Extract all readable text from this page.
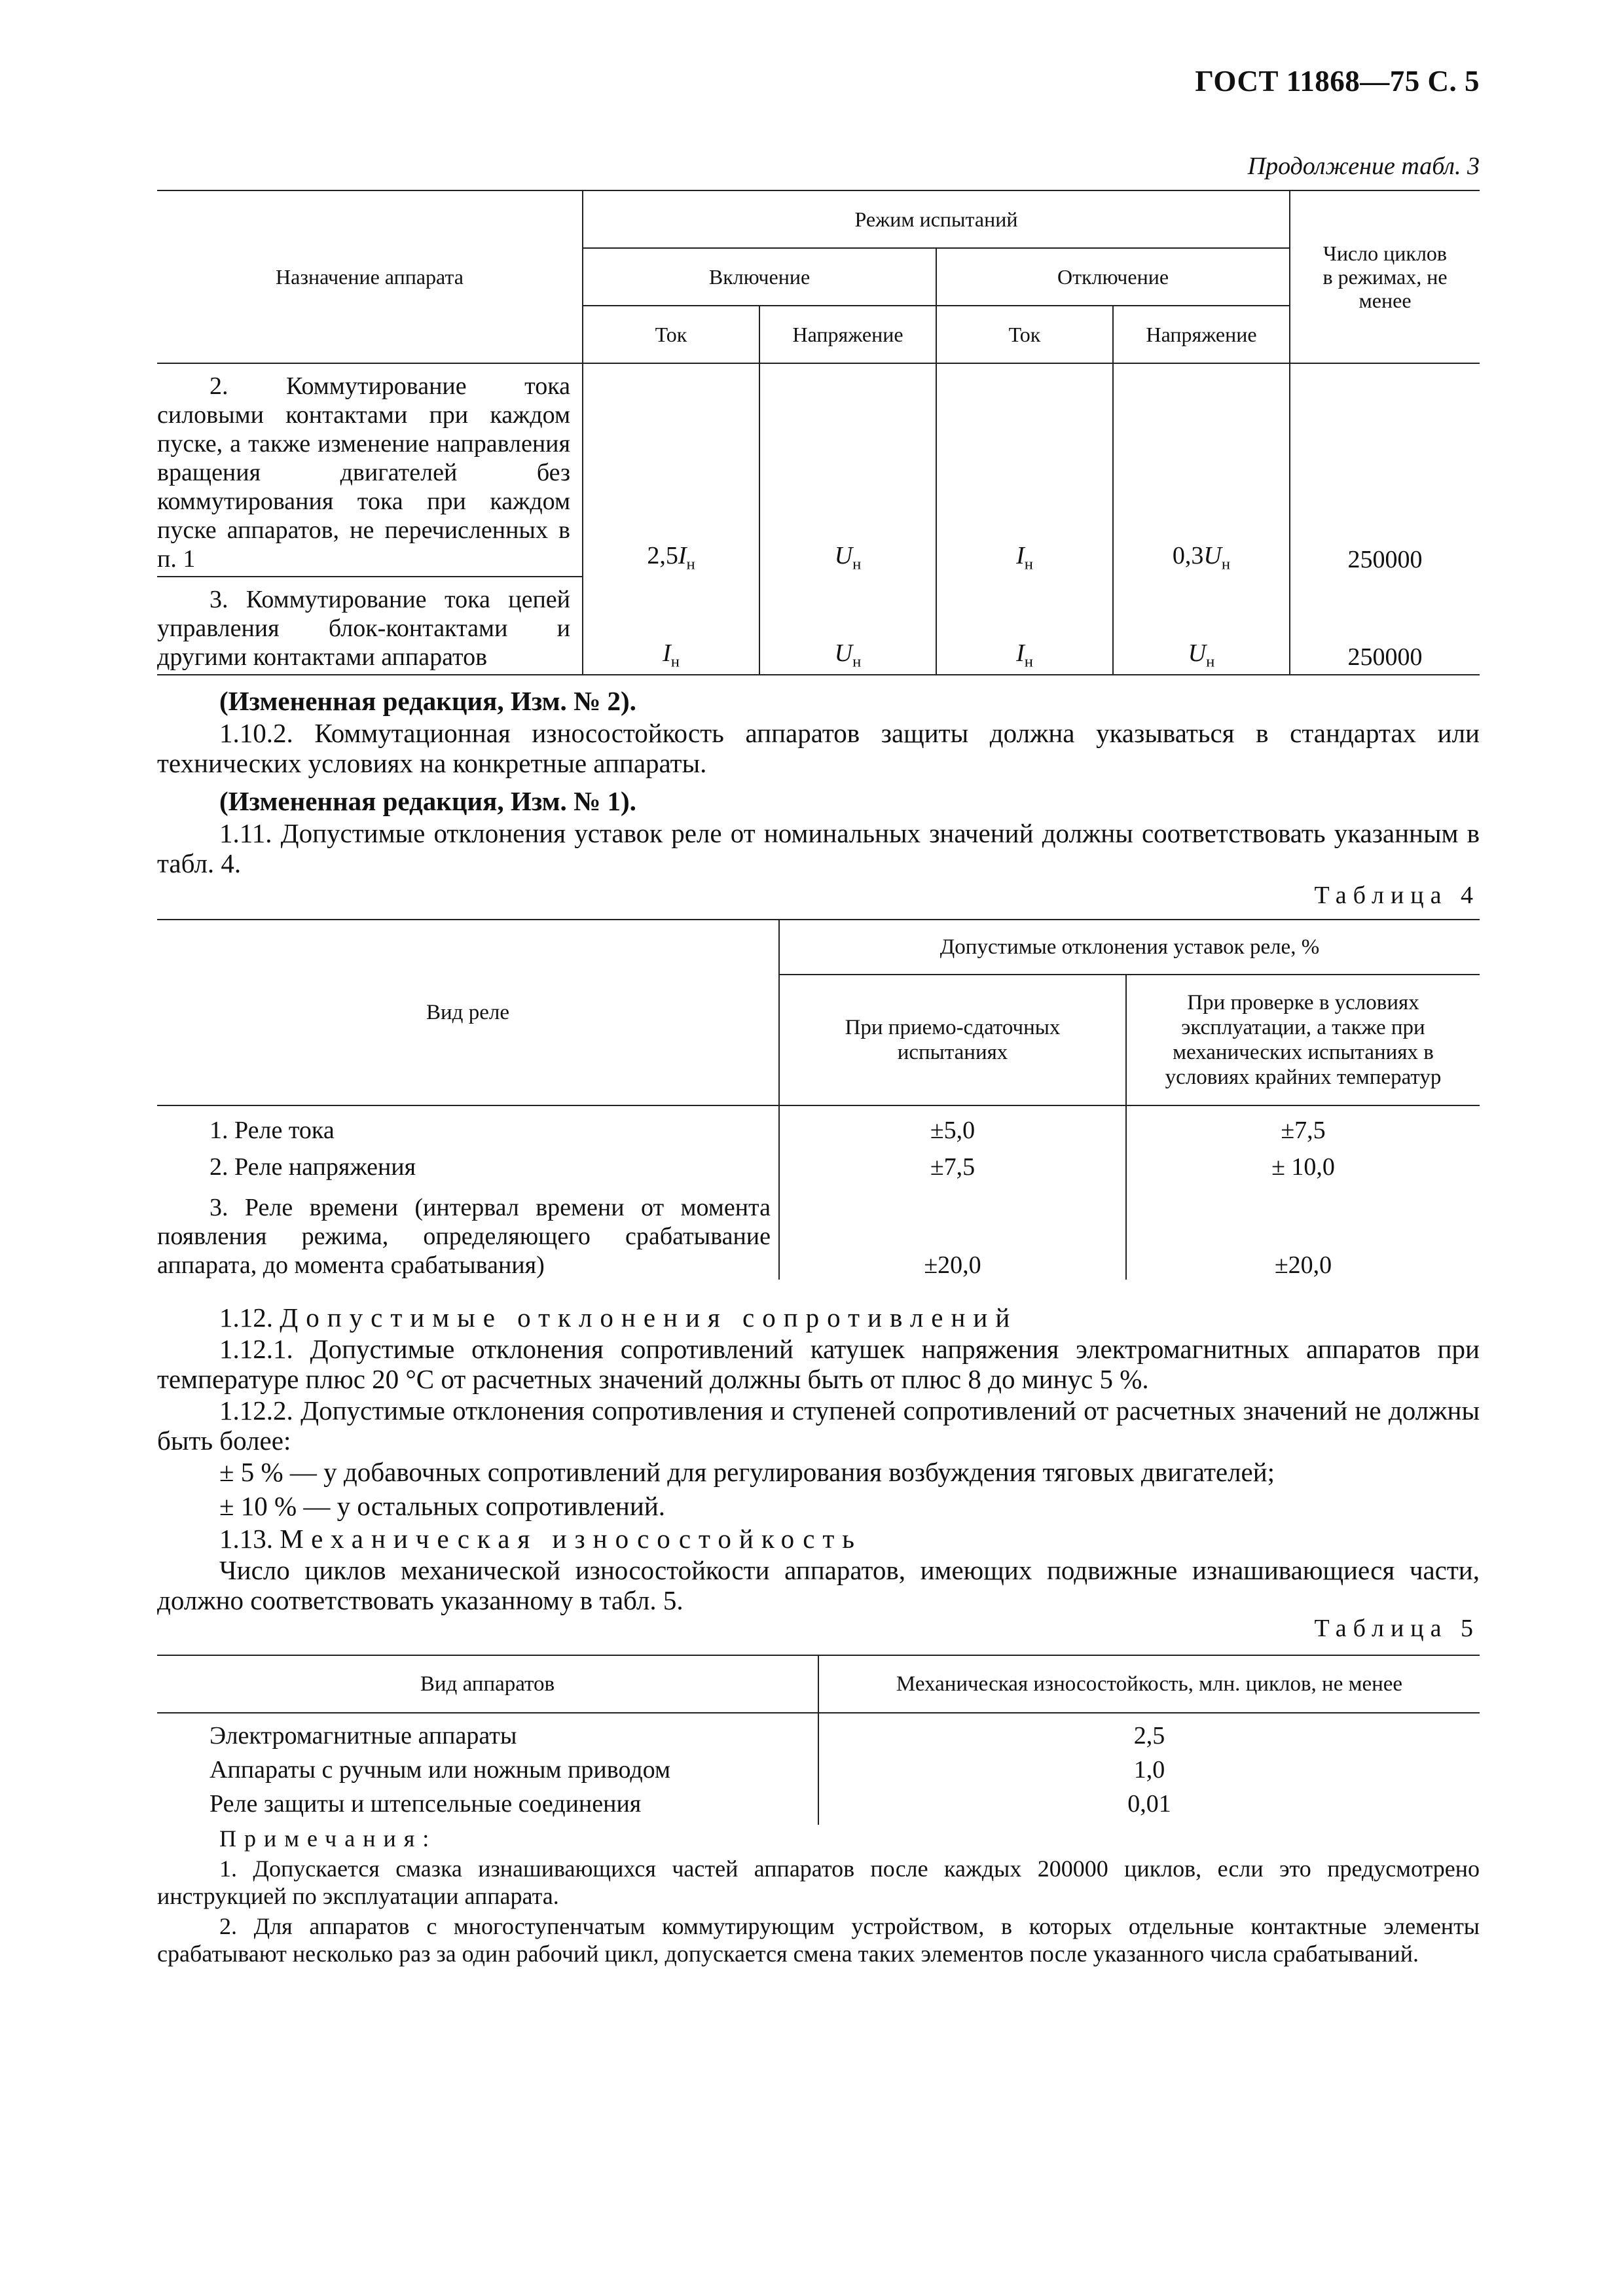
ГОСТ 11868—75 С. 5
Продолжение табл. 3
Назначение аппарата	Режим испытаний				Число циклов в режимах, не менее
	Включение		Отключение		
	Ток	Напряжение	Ток	Напряжение	
2. Коммутирование тока силовыми контактами при каждом пуске, а также изменение направления вращения двигателей без коммутирования тока при каждом пуске аппаратов, не перечисленных в п. 1	$2,5I_н$	$U_н$	$I_н$	$0,3U_н$	250000
3. Коммутирование тока цепей управления блок-контактами и другими контактами аппаратов	$I_н$	$U_н$	$I_н$	$U_н$	250000
(Измененная редакция, Изм. № 2).
1.10.2. Коммутационная износостойкость аппаратов защиты должна указываться в стандартах или технических условиях на конкретные аппараты.
(Измененная редакция, Изм. № 1).
1.11. Допустимые отклонения уставок реле от номинальных значений должны соответствовать указанным в табл. 4.
Таблица 4
Вид реле	Допустимые отклонения уставок реле, %	
	При приемо-сдаточных испытаниях	При проверке в условиях эксплуатации, а также при механических испытаниях в условиях крайних температур
1. Реле тока	±5,0	±7,5
2. Реле напряжения	±7,5	± 10,0
3. Реле времени (интервал времени от момента появления режима, определяющего срабатывание аппарата, до момента срабатывания)	±20,0	±20,0
1.12. Допустимые отклонения сопротивлений
1.12.1. Допустимые отклонения сопротивлений катушек напряжения электромагнитных аппаратов при температуре плюс 20 °С от расчетных значений должны быть от плюс 8 до минус 5 %.
1.12.2. Допустимые отклонения сопротивления и ступеней сопротивлений от расчетных значений не должны быть более:
± 5 % — у добавочных сопротивлений для регулирования возбуждения тяговых двигателей;
± 10 % — у остальных сопротивлений.
1.13. Механическая износостойкость
Число циклов механической износостойкости аппаратов, имеющих подвижные изнашивающиеся части, должно соответствовать указанному в табл. 5.
Таблица 5
Вид аппаратов	Механическая износостойкость, млн. циклов, не менее
Электромагнитные аппараты	2,5
Аппараты с ручным или ножным приводом	1,0
Реле защиты и штепсельные соединения	0,01
Примечания:
1. Допускается смазка изнашивающихся частей аппаратов после каждых 200000 циклов, если это предусмотрено инструкцией по эксплуатации аппарата.
2. Для аппаратов с многоступенчатым коммутирующим устройством, в которых отдельные контактные элементы срабатывают несколько раз за один рабочий цикл, допускается смена таких элементов после указанного числа срабатываний.
